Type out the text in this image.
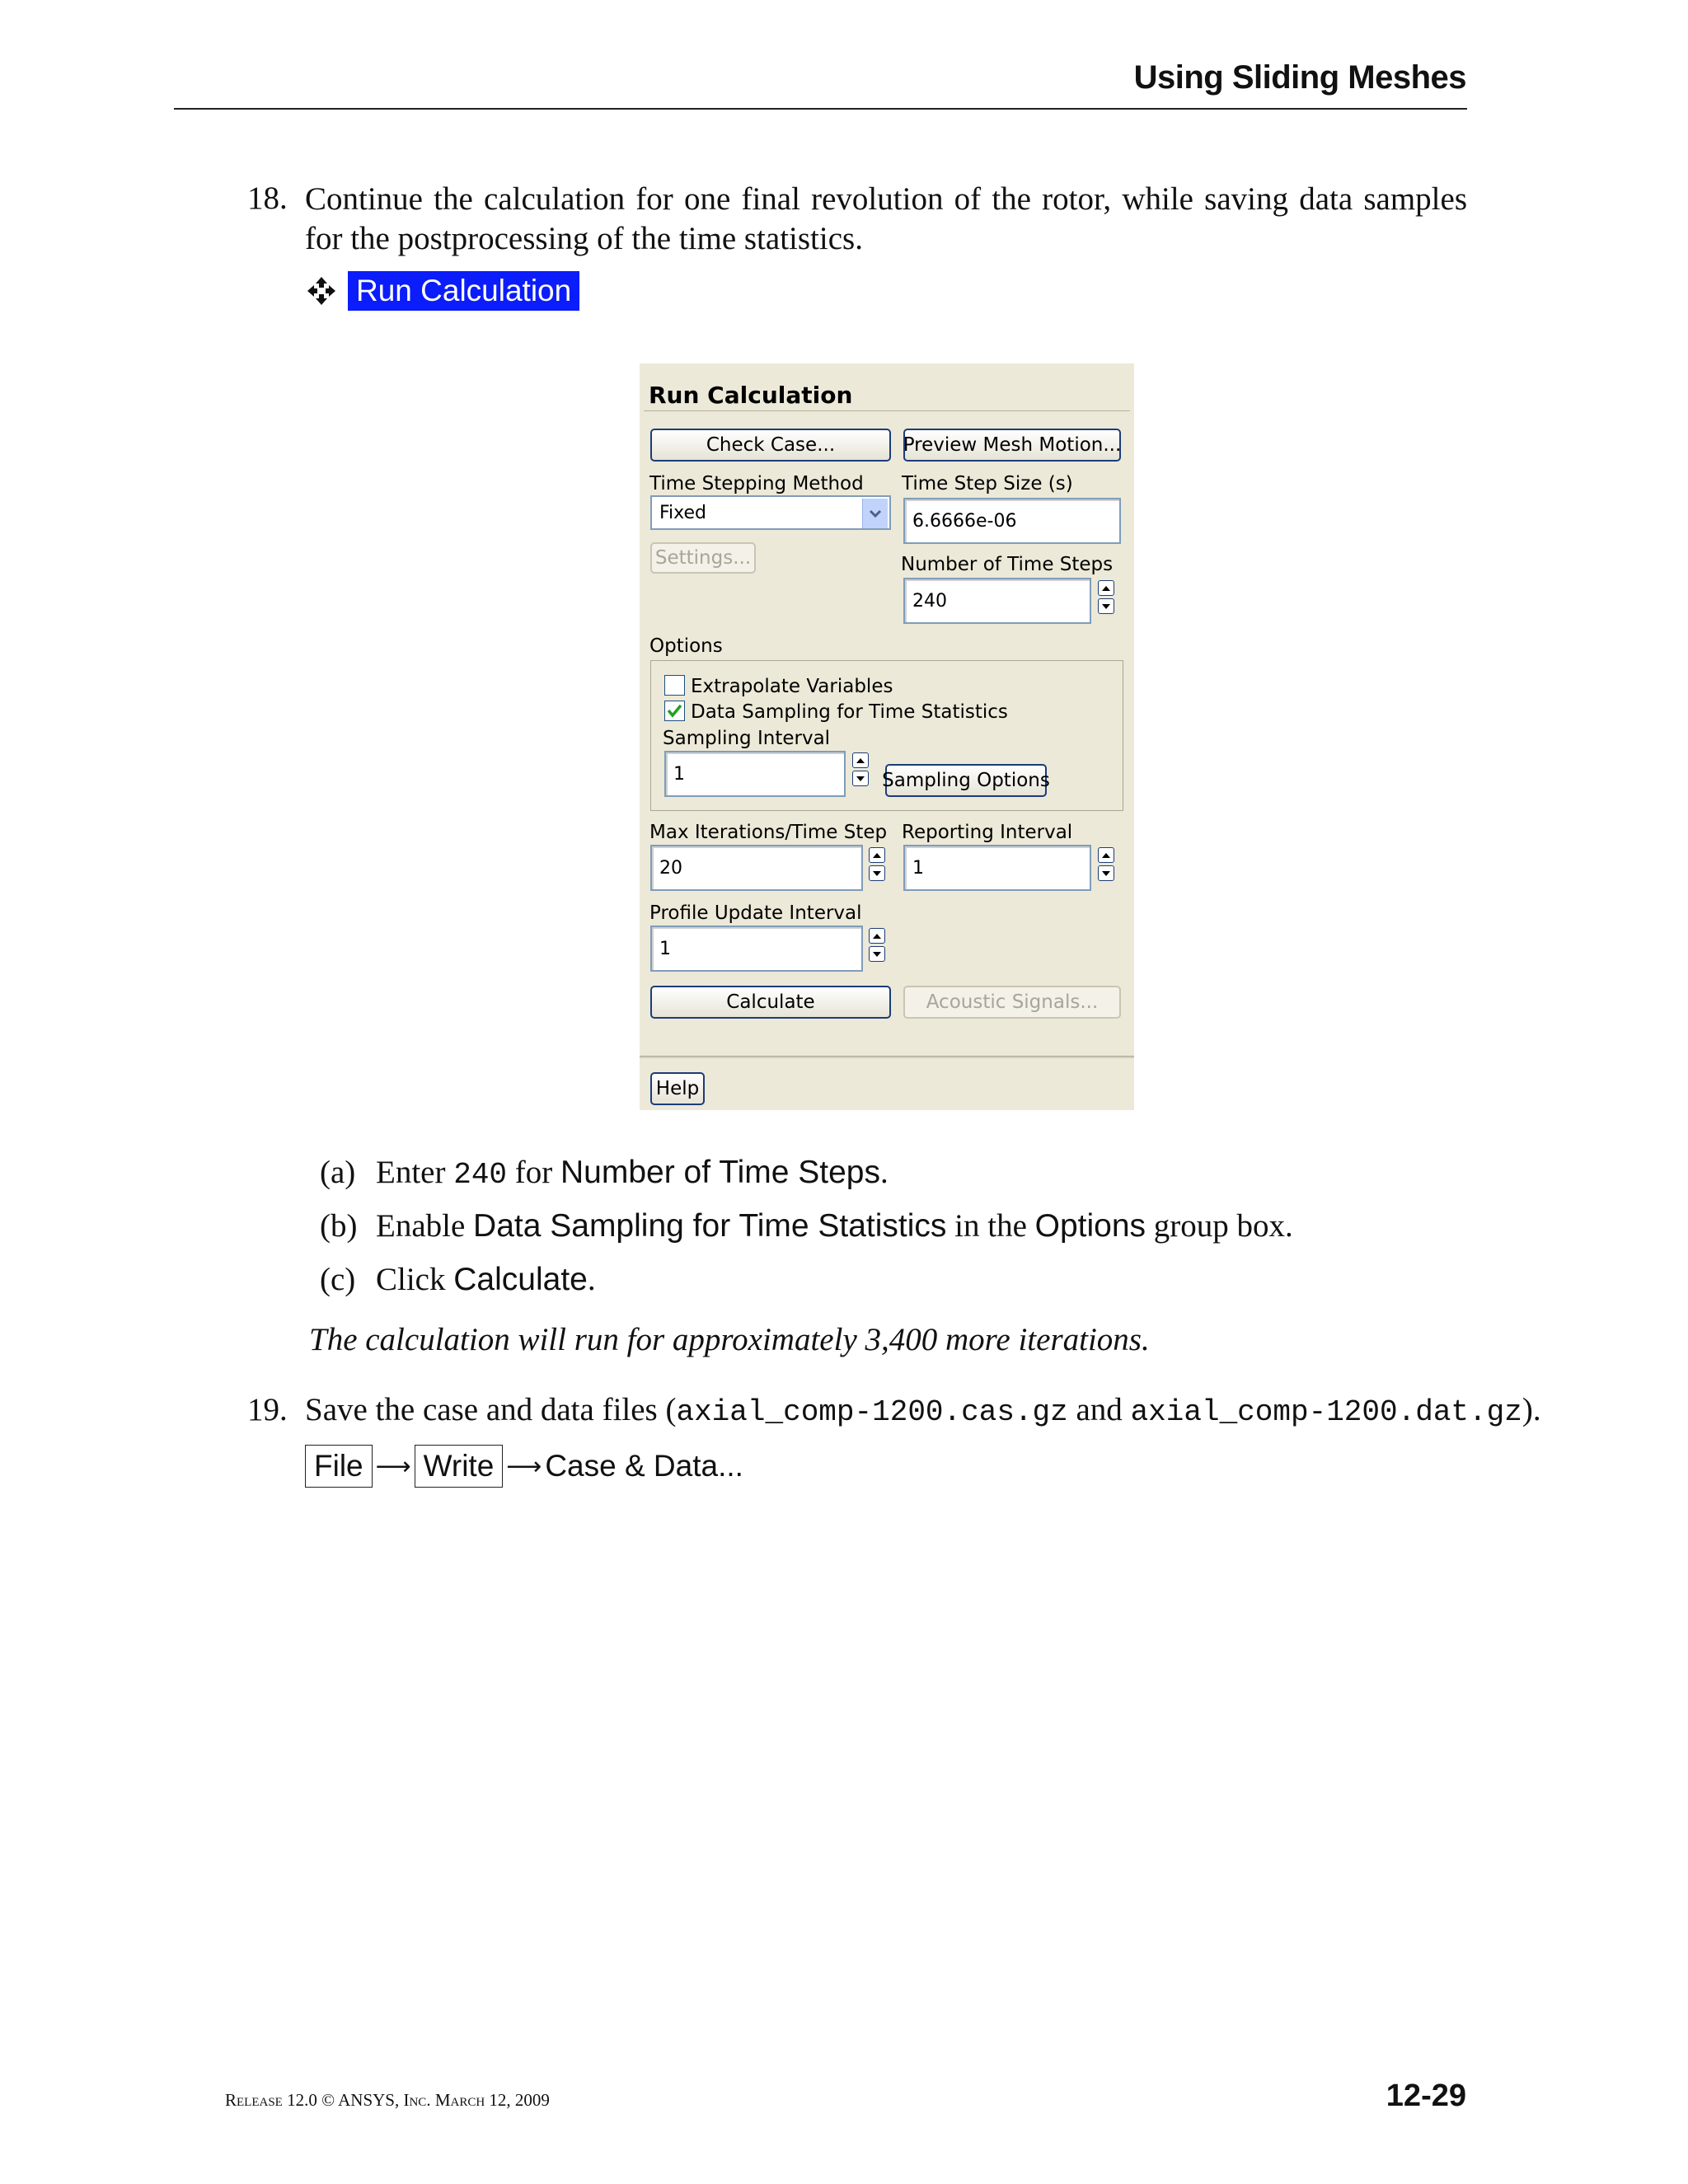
Using Sliding Meshes
18. Continue the calculation for one final revolution of the rotor, while saving data samples for the postprocessing of the time statistics.
Run Calculation
Run Calculation
Check Case...	Preview Mesh Motion...
Time Stepping Method Time Step Size (s)
Fixed	6.6666e-06
Settings...	Number of Time Steps
240
Options
Extrapolate Variables
Data Sampling for Time Statistics
Sampling Interval
1	Sampling Options
Max Iterations/Time Step Reporting Interval
20	1
Profile Update Interval
1
Calculate	Acoustic Signals...
Help
(a) Enter 240 for Number of Time Steps.
(b) Enable Data Sampling for Time Statistics in the Options group box.
(c) Click Calculate.
The calculation will run for approximately 3,400 more iterations.
19. Save the case and data files (axial_comp-1200.cas.gz and axial_comp-1200.dat.gz).
File ⟶ Write ⟶ Case & Data...
Release 12.0 © ANSYS, Inc. March 12, 2009	12-29
